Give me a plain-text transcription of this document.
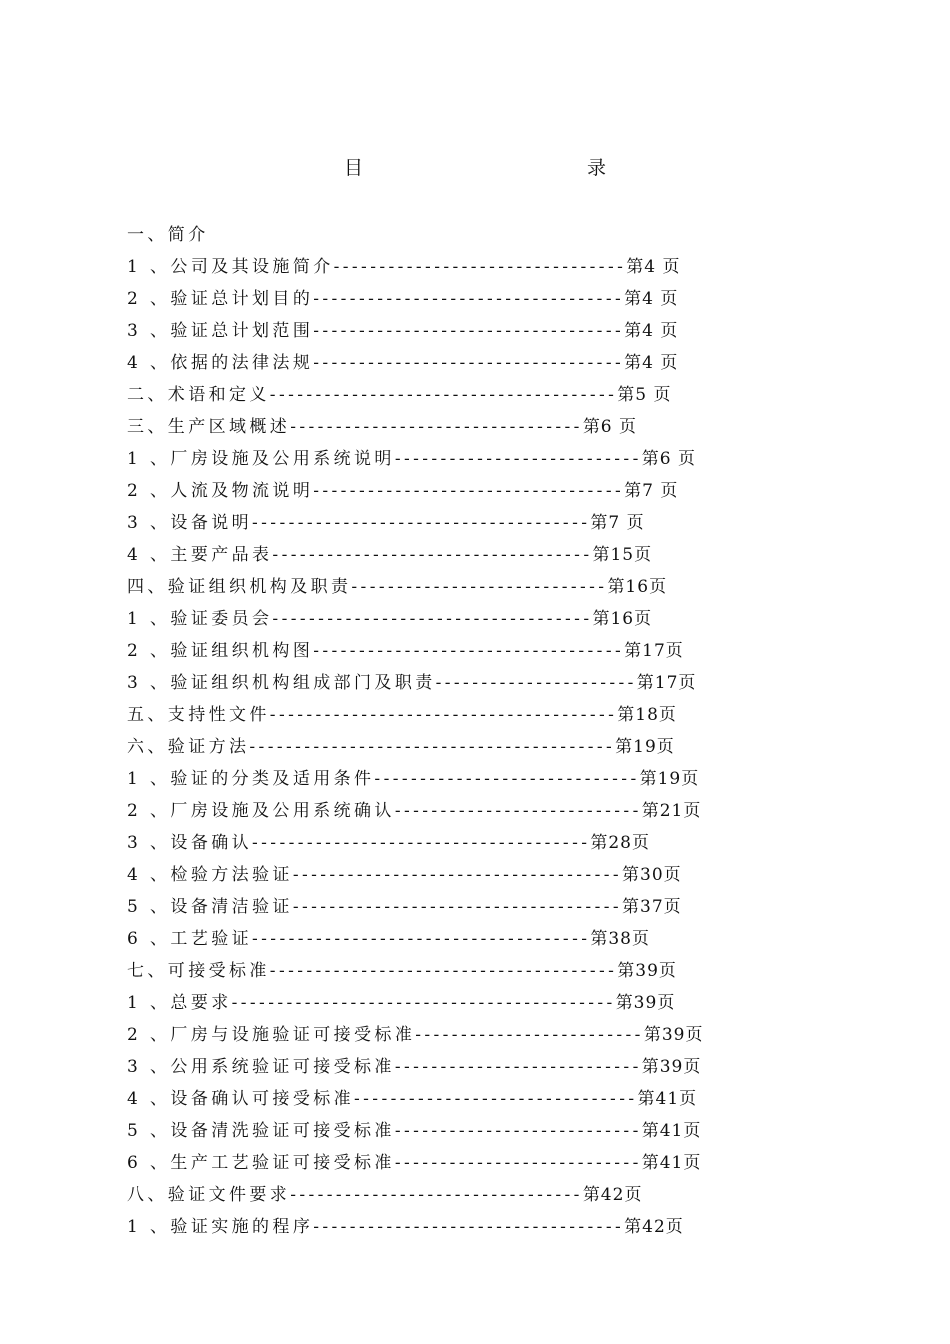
目　　录
一、简介
1 、公司及其设施简介-------------------------------- 第4 页
2 、验证总计划目的---------------------------------- 第4 页
3 、验证总计划范围---------------------------------- 第4 页
4 、依据的法律法规---------------------------------- 第4 页
二、术语和定义-------------------------------------- 第5 页
三、生产区域概述-------------------------------- 第6 页
1 、厂房设施及公用系统说明--------------------------- 第6 页
2 、人流及物流说明---------------------------------- 第7 页
3 、设备说明------------------------------------- 第7 页
4 、主要产品表----------------------------------- 第15页
四、验证组织机构及职责---------------------------- 第16页
1 、验证委员会----------------------------------- 第16页
2 、验证组织机构图---------------------------------- 第17页
3 、验证组织机构组成部门及职责---------------------- 第17页
五、支持性文件-------------------------------------- 第18页
六、验证方法---------------------------------------- 第19页
1 、验证的分类及适用条件----------------------------- 第19页
2 、厂房设施及公用系统确认--------------------------- 第21页
3 、设备确认------------------------------------- 第28页
4 、检验方法验证------------------------------------ 第30页
5 、设备清洁验证------------------------------------ 第37页
6 、工艺验证------------------------------------- 第38页
七、可接受标准-------------------------------------- 第39页
1 、总要求------------------------------------------ 第39页
2 、厂房与设施验证可接受标准------------------------- 第39页
3 、公用系统验证可接受标准--------------------------- 第39页
4 、设备确认可接受标准------------------------------- 第41页
5 、设备清洗验证可接受标准--------------------------- 第41页
6 、生产工艺验证可接受标准--------------------------- 第41页
八、验证文件要求-------------------------------- 第42页
1 、验证实施的程序---------------------------------- 第42页
